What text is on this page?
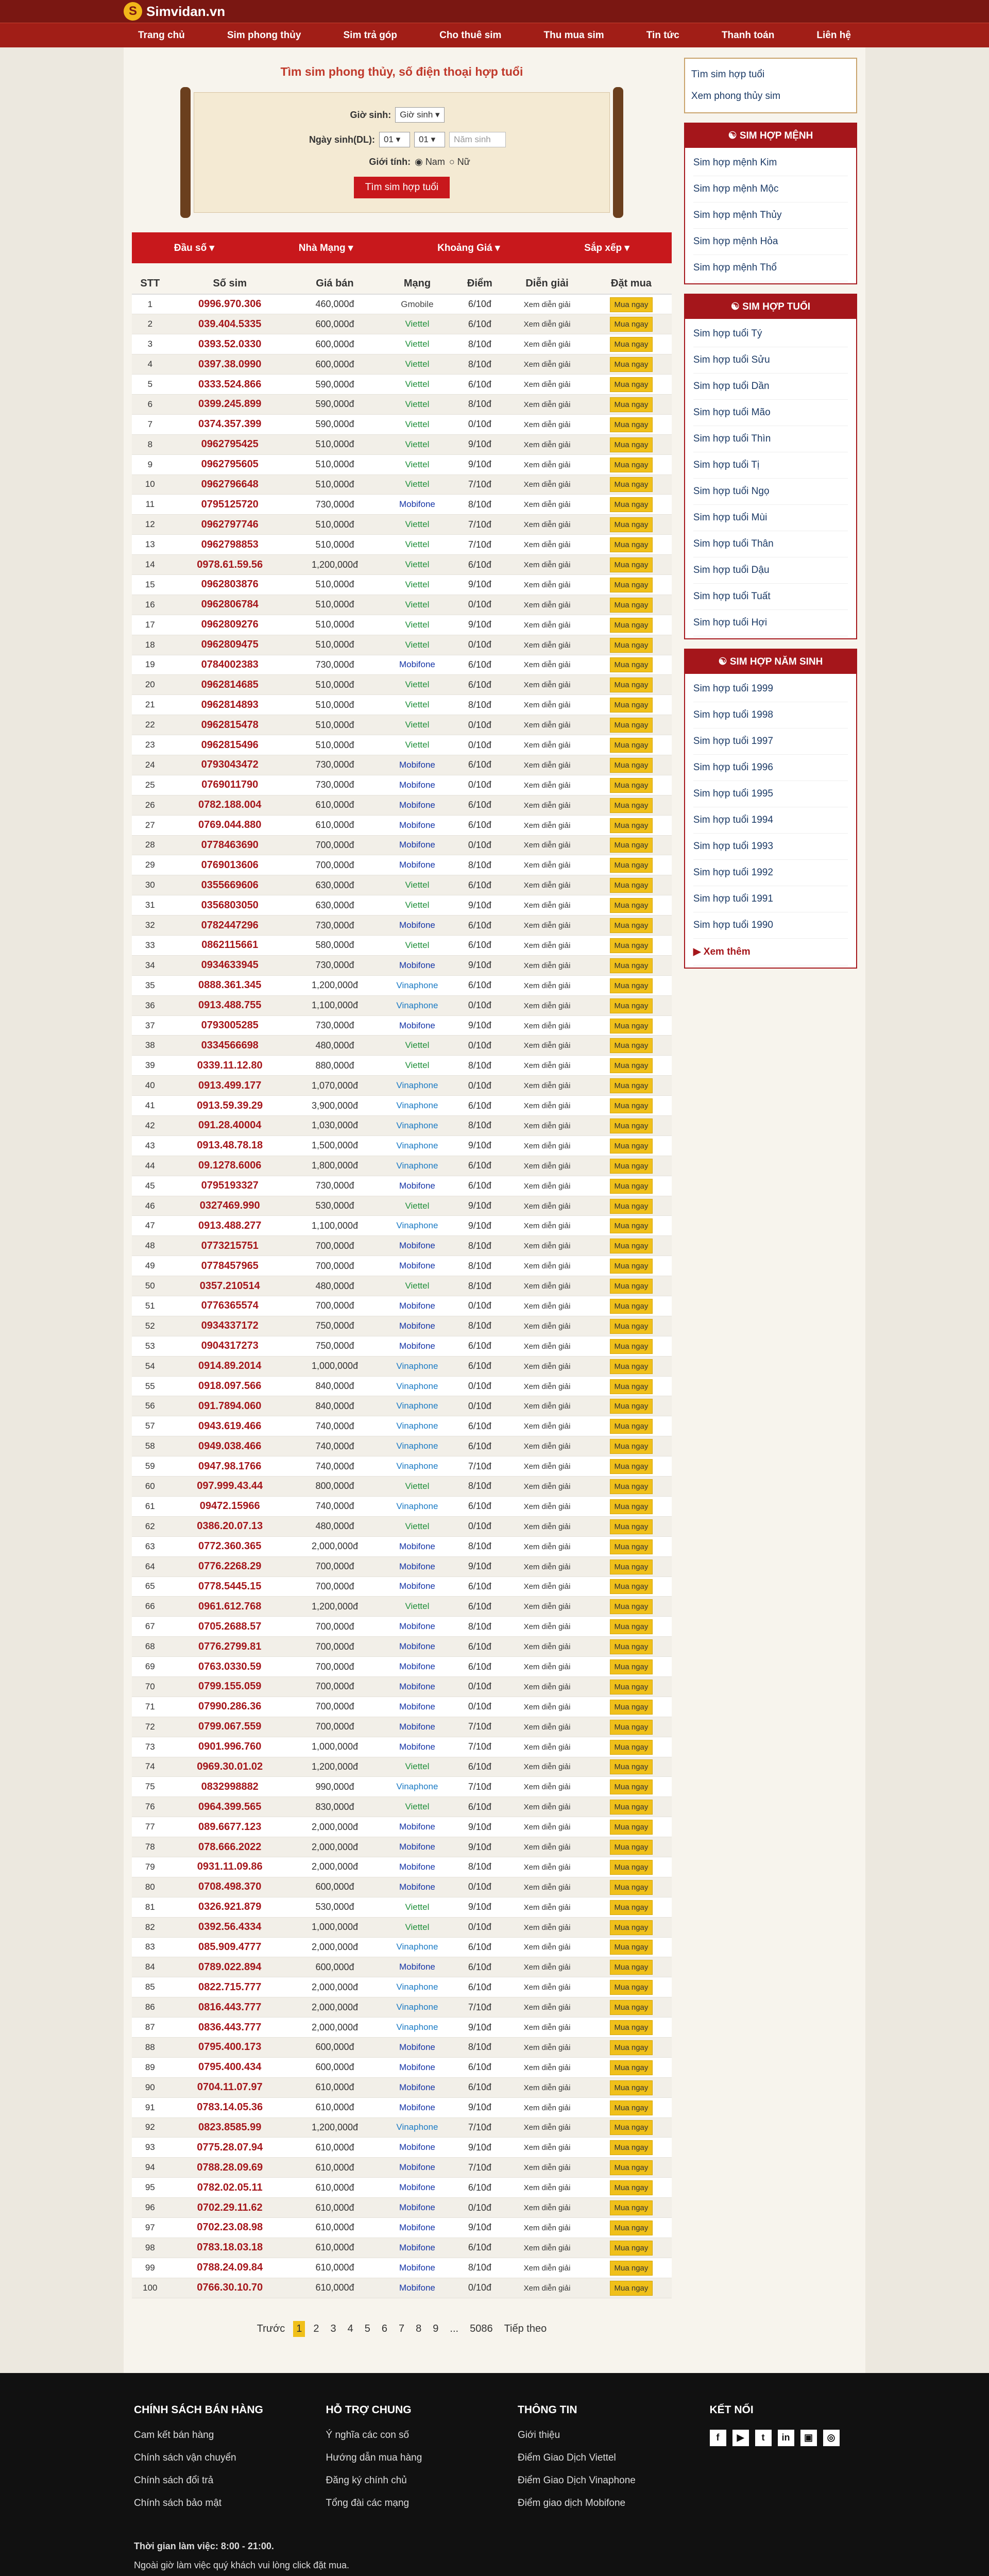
S Simvidan.vn
Trang chủ	Sim phong thủy	Sim trả góp	Cho thuê sim	Thu mua sim	Tin tức	Thanh toán	Liên hệ
Tìm sim phong thủy, số điện thoại hợp tuổi
Giờ sinh:	Giờ sinh ▾
Ngày sinh(DL):	01 ▾	01 ▾	Năm sinh
Giới tính: ◉ Nam ○ Nữ
Tìm sim hợp tuổi
Đầu số ▾	Nhà Mạng ▾	Khoảng Giá ▾	Sắp xếp ▾
STT	Số sim	Giá bán	Mạng	Điểm	Diễn giải	Đặt mua
1	0996.970.306	460,000đ	Gmobile	6/10đ	Xem diễn giải	Mua ngay
2	039.404.5335	600,000đ	Viettel	6/10đ	Xem diễn giải	Mua ngay
3	0393.52.0330	600,000đ	Viettel	8/10đ	Xem diễn giải	Mua ngay
4	0397.38.0990	600,000đ	Viettel	8/10đ	Xem diễn giải	Mua ngay
5	0333.524.866	590,000đ	Viettel	6/10đ	Xem diễn giải	Mua ngay
6	0399.245.899	590,000đ	Viettel	8/10đ	Xem diễn giải	Mua ngay
7	0374.357.399	590,000đ	Viettel	0/10đ	Xem diễn giải	Mua ngay
8	0962795425	510,000đ	Viettel	9/10đ	Xem diễn giải	Mua ngay
9	0962795605	510,000đ	Viettel	9/10đ	Xem diễn giải	Mua ngay
10	0962796648	510,000đ	Viettel	7/10đ	Xem diễn giải	Mua ngay
11	0795125720	730,000đ	Mobifone	8/10đ	Xem diễn giải	Mua ngay
12	0962797746	510,000đ	Viettel	7/10đ	Xem diễn giải	Mua ngay
13	0962798853	510,000đ	Viettel	7/10đ	Xem diễn giải	Mua ngay
14	0978.61.59.56	1,200,000đ	Viettel	6/10đ	Xem diễn giải	Mua ngay
15	0962803876	510,000đ	Viettel	9/10đ	Xem diễn giải	Mua ngay
16	0962806784	510,000đ	Viettel	0/10đ	Xem diễn giải	Mua ngay
17	0962809276	510,000đ	Viettel	9/10đ	Xem diễn giải	Mua ngay
18	0962809475	510,000đ	Viettel	0/10đ	Xem diễn giải	Mua ngay
19	0784002383	730,000đ	Mobifone	6/10đ	Xem diễn giải	Mua ngay
20	0962814685	510,000đ	Viettel	6/10đ	Xem diễn giải	Mua ngay
21	0962814893	510,000đ	Viettel	8/10đ	Xem diễn giải	Mua ngay
22	0962815478	510,000đ	Viettel	0/10đ	Xem diễn giải	Mua ngay
23	0962815496	510,000đ	Viettel	0/10đ	Xem diễn giải	Mua ngay
24	0793043472	730,000đ	Mobifone	6/10đ	Xem diễn giải	Mua ngay
25	0769011790	730,000đ	Mobifone	0/10đ	Xem diễn giải	Mua ngay
26	0782.188.004	610,000đ	Mobifone	6/10đ	Xem diễn giải	Mua ngay
27	0769.044.880	610,000đ	Mobifone	6/10đ	Xem diễn giải	Mua ngay
28	0778463690	700,000đ	Mobifone	0/10đ	Xem diễn giải	Mua ngay
29	0769013606	700,000đ	Mobifone	8/10đ	Xem diễn giải	Mua ngay
30	0355669606	630,000đ	Viettel	6/10đ	Xem diễn giải	Mua ngay
31	0356803050	630,000đ	Viettel	9/10đ	Xem diễn giải	Mua ngay
32	0782447296	730,000đ	Mobifone	6/10đ	Xem diễn giải	Mua ngay
33	0862115661	580,000đ	Viettel	6/10đ	Xem diễn giải	Mua ngay
34	0934633945	730,000đ	Mobifone	9/10đ	Xem diễn giải	Mua ngay
35	0888.361.345	1,200,000đ	Vinaphone	6/10đ	Xem diễn giải	Mua ngay
36	0913.488.755	1,100,000đ	Vinaphone	0/10đ	Xem diễn giải	Mua ngay
37	0793005285	730,000đ	Mobifone	9/10đ	Xem diễn giải	Mua ngay
38	0334566698	480,000đ	Viettel	0/10đ	Xem diễn giải	Mua ngay
39	0339.11.12.80	880,000đ	Viettel	8/10đ	Xem diễn giải	Mua ngay
40	0913.499.177	1,070,000đ	Vinaphone	0/10đ	Xem diễn giải	Mua ngay
41	0913.59.39.29	3,900,000đ	Vinaphone	6/10đ	Xem diễn giải	Mua ngay
42	091.28.40004	1,030,000đ	Vinaphone	8/10đ	Xem diễn giải	Mua ngay
43	0913.48.78.18	1,500,000đ	Vinaphone	9/10đ	Xem diễn giải	Mua ngay
44	09.1278.6006	1,800,000đ	Vinaphone	6/10đ	Xem diễn giải	Mua ngay
45	0795193327	730,000đ	Mobifone	6/10đ	Xem diễn giải	Mua ngay
46	0327469.990	530,000đ	Viettel	9/10đ	Xem diễn giải	Mua ngay
47	0913.488.277	1,100,000đ	Vinaphone	9/10đ	Xem diễn giải	Mua ngay
48	0773215751	700,000đ	Mobifone	8/10đ	Xem diễn giải	Mua ngay
49	0778457965	700,000đ	Mobifone	8/10đ	Xem diễn giải	Mua ngay
50	0357.210514	480,000đ	Viettel	8/10đ	Xem diễn giải	Mua ngay
51	0776365574	700,000đ	Mobifone	0/10đ	Xem diễn giải	Mua ngay
52	0934337172	750,000đ	Mobifone	8/10đ	Xem diễn giải	Mua ngay
53	0904317273	750,000đ	Mobifone	6/10đ	Xem diễn giải	Mua ngay
54	0914.89.2014	1,000,000đ	Vinaphone	6/10đ	Xem diễn giải	Mua ngay
55	0918.097.566	840,000đ	Vinaphone	0/10đ	Xem diễn giải	Mua ngay
56	091.7894.060	840,000đ	Vinaphone	0/10đ	Xem diễn giải	Mua ngay
57	0943.619.466	740,000đ	Vinaphone	6/10đ	Xem diễn giải	Mua ngay
58	0949.038.466	740,000đ	Vinaphone	6/10đ	Xem diễn giải	Mua ngay
59	0947.98.1766	740,000đ	Vinaphone	7/10đ	Xem diễn giải	Mua ngay
60	097.999.43.44	800,000đ	Viettel	8/10đ	Xem diễn giải	Mua ngay
61	09472.15966	740,000đ	Vinaphone	6/10đ	Xem diễn giải	Mua ngay
62	0386.20.07.13	480,000đ	Viettel	0/10đ	Xem diễn giải	Mua ngay
63	0772.360.365	2,000,000đ	Mobifone	8/10đ	Xem diễn giải	Mua ngay
64	0776.2268.29	700,000đ	Mobifone	9/10đ	Xem diễn giải	Mua ngay
65	0778.5445.15	700,000đ	Mobifone	6/10đ	Xem diễn giải	Mua ngay
66	0961.612.768	1,200,000đ	Viettel	6/10đ	Xem diễn giải	Mua ngay
67	0705.2688.57	700,000đ	Mobifone	8/10đ	Xem diễn giải	Mua ngay
68	0776.2799.81	700,000đ	Mobifone	6/10đ	Xem diễn giải	Mua ngay
69	0763.0330.59	700,000đ	Mobifone	6/10đ	Xem diễn giải	Mua ngay
70	0799.155.059	700,000đ	Mobifone	0/10đ	Xem diễn giải	Mua ngay
71	07990.286.36	700,000đ	Mobifone	0/10đ	Xem diễn giải	Mua ngay
72	0799.067.559	700,000đ	Mobifone	7/10đ	Xem diễn giải	Mua ngay
73	0901.996.760	1,000,000đ	Mobifone	7/10đ	Xem diễn giải	Mua ngay
74	0969.30.01.02	1,200,000đ	Viettel	6/10đ	Xem diễn giải	Mua ngay
75	0832998882	990,000đ	Vinaphone	7/10đ	Xem diễn giải	Mua ngay
76	0964.399.565	830,000đ	Viettel	6/10đ	Xem diễn giải	Mua ngay
77	089.6677.123	2,000,000đ	Mobifone	9/10đ	Xem diễn giải	Mua ngay
78	078.666.2022	2,000,000đ	Mobifone	9/10đ	Xem diễn giải	Mua ngay
79	0931.11.09.86	2,000,000đ	Mobifone	8/10đ	Xem diễn giải	Mua ngay
80	0708.498.370	600,000đ	Mobifone	0/10đ	Xem diễn giải	Mua ngay
81	0326.921.879	530,000đ	Viettel	9/10đ	Xem diễn giải	Mua ngay
82	0392.56.4334	1,000,000đ	Viettel	0/10đ	Xem diễn giải	Mua ngay
83	085.909.4777	2,000,000đ	Vinaphone	6/10đ	Xem diễn giải	Mua ngay
84	0789.022.894	600,000đ	Mobifone	6/10đ	Xem diễn giải	Mua ngay
85	0822.715.777	2,000,000đ	Vinaphone	6/10đ	Xem diễn giải	Mua ngay
86	0816.443.777	2,000,000đ	Vinaphone	7/10đ	Xem diễn giải	Mua ngay
87	0836.443.777	2,000,000đ	Vinaphone	9/10đ	Xem diễn giải	Mua ngay
88	0795.400.173	600,000đ	Mobifone	8/10đ	Xem diễn giải	Mua ngay
89	0795.400.434	600,000đ	Mobifone	6/10đ	Xem diễn giải	Mua ngay
90	0704.11.07.97	610,000đ	Mobifone	6/10đ	Xem diễn giải	Mua ngay
91	0783.14.05.36	610,000đ	Mobifone	9/10đ	Xem diễn giải	Mua ngay
92	0823.8585.99	1,200,000đ	Vinaphone	7/10đ	Xem diễn giải	Mua ngay
93	0775.28.07.94	610,000đ	Mobifone	9/10đ	Xem diễn giải	Mua ngay
94	0788.28.09.69	610,000đ	Mobifone	7/10đ	Xem diễn giải	Mua ngay
95	0782.02.05.11	610,000đ	Mobifone	6/10đ	Xem diễn giải	Mua ngay
96	0702.29.11.62	610,000đ	Mobifone	0/10đ	Xem diễn giải	Mua ngay
97	0702.23.08.98	610,000đ	Mobifone	9/10đ	Xem diễn giải	Mua ngay
98	0783.18.03.18	610,000đ	Mobifone	6/10đ	Xem diễn giải	Mua ngay
99	0788.24.09.84	610,000đ	Mobifone	8/10đ	Xem diễn giải	Mua ngay
100	0766.30.10.70	610,000đ	Mobifone	0/10đ	Xem diễn giải	Mua ngay
Trước	1	2	3	4	5	6	7	8	9	...	5086	Tiếp theo
Tìm sim hợp tuổi
Xem phong thủy sim
☯ SIM HỢP MỆNH
Sim hợp mệnh Kim
Sim hợp mệnh Mộc
Sim hợp mệnh Thủy
Sim hợp mệnh Hỏa
Sim hợp mệnh Thổ
☯ SIM HỢP TUỔI
Sim hợp tuổi Tý
Sim hợp tuổi Sửu
Sim hợp tuổi Dần
Sim hợp tuổi Mão
Sim hợp tuổi Thìn
Sim hợp tuổi Tị
Sim hợp tuổi Ngọ
Sim hợp tuổi Mùi
Sim hợp tuổi Thân
Sim hợp tuổi Dậu
Sim hợp tuổi Tuất
Sim hợp tuổi Hợi
☯ SIM HỢP NĂM SINH
Sim hợp tuổi 1999
Sim hợp tuổi 1998
Sim hợp tuổi 1997
Sim hợp tuổi 1996
Sim hợp tuổi 1995
Sim hợp tuổi 1994
Sim hợp tuổi 1993
Sim hợp tuổi 1992
Sim hợp tuổi 1991
Sim hợp tuổi 1990
▶ Xem thêm
CHÍNH SÁCH BÁN HÀNG
Cam kết bán hàng
Chính sách vận chuyển
Chính sách đổi trả
Chính sách bảo mật
HỖ TRỢ CHUNG
Ý nghĩa các con số
Hướng dẫn mua hàng
Đăng ký chính chủ
Tổng đài các mạng
THÔNG TIN
Giới thiệu
Điểm Giao Dịch Viettel
Điểm Giao Dịch Vinaphone
Điểm giao dịch Mobifone
KẾT NỐI
f	▶	t	in	▣	◎
Thời gian làm việc: 8:00 - 21:00.
Ngoài giờ làm việc quý khách vui lòng click đặt mua.
